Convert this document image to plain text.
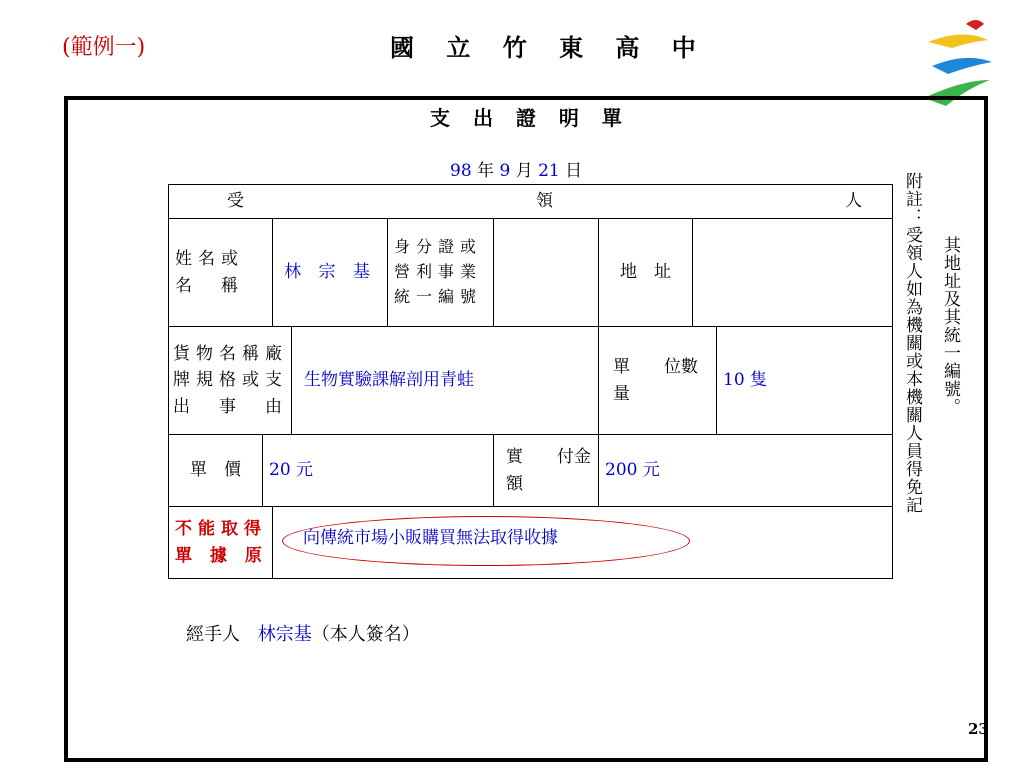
(範例一)	國 立 竹 東 高 中
支 出 證 明 單
98 年 9 月 21 日
受 人
領								

姓名或名　稱		林 宗 基		身分證或營利事業統一編號		地　址		
貨物名稱廠牌規格或支出　事　由			生物實驗課解剖用青蛙			單　　位數　　量		10 隻
單　價	20 元				實　　付金　　額	200 元		
不能取得單 據 原		向傳統市場小販購買無法取得收據						
附註：受領人如為機關或本機關人員得免記 其地址及其統一編號。
經手人 林宗基（本人簽名）
23
